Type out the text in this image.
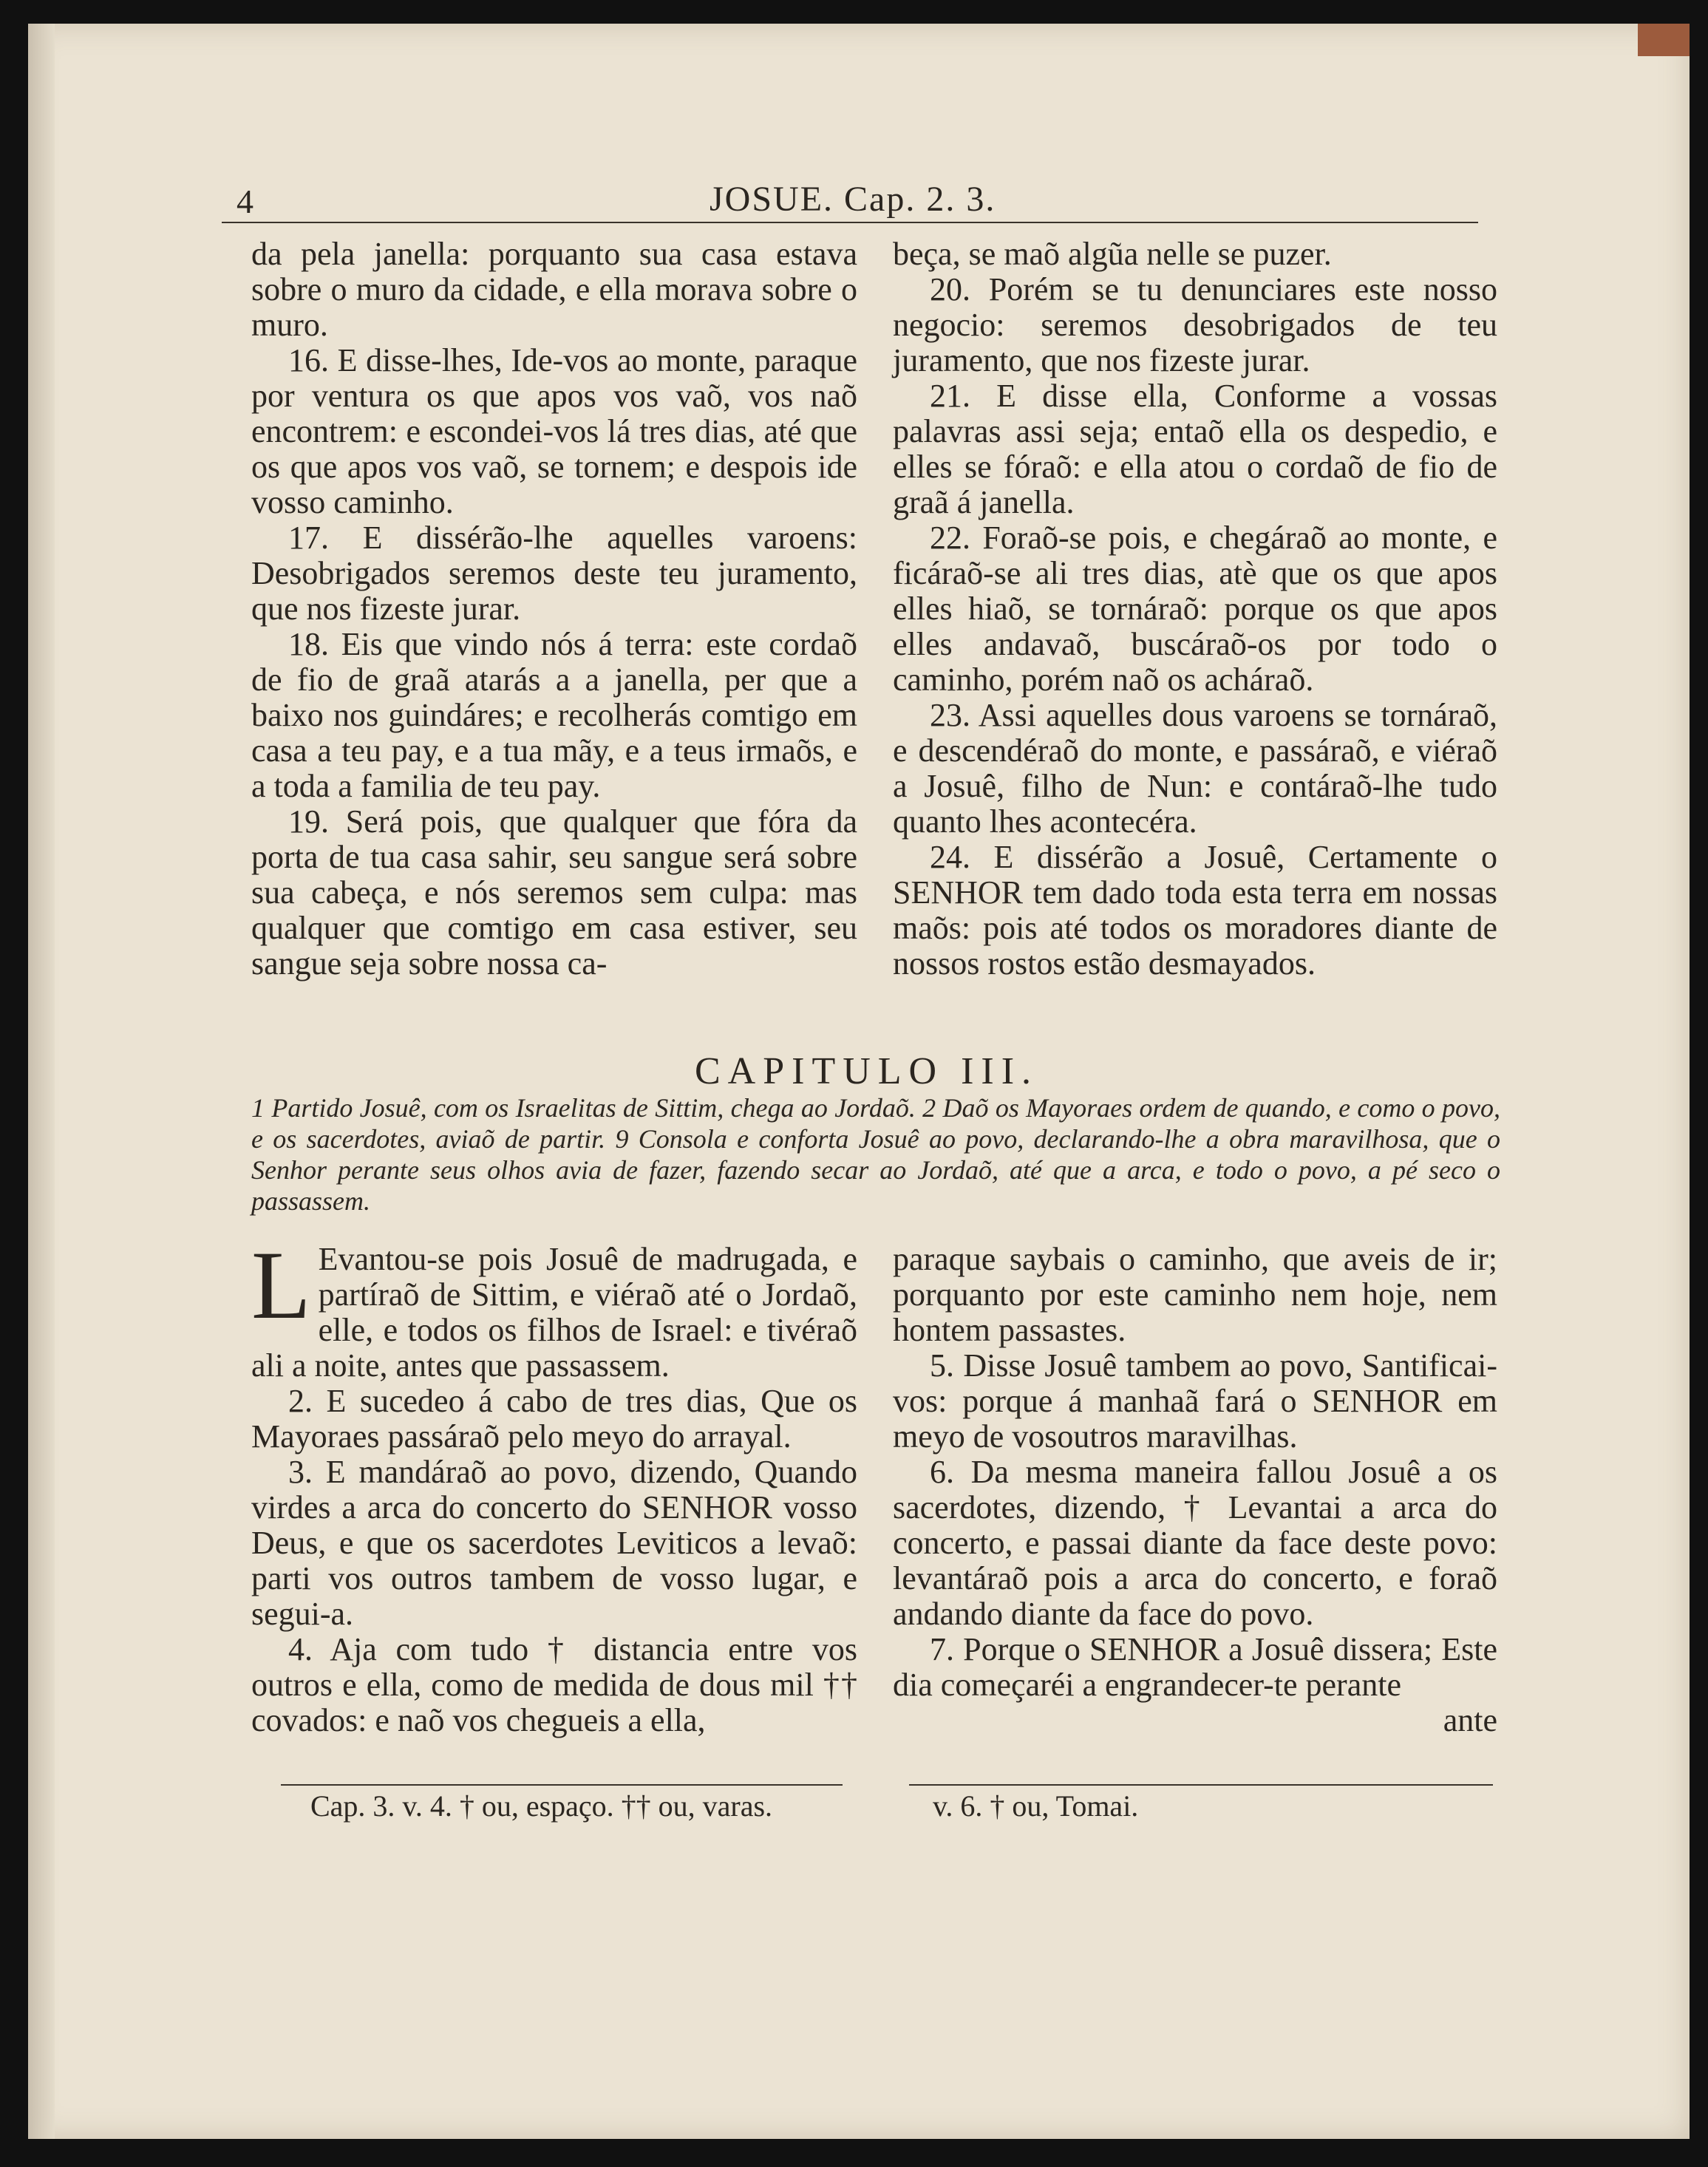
4	JOSUE. Cap. 2. 3.

da pela janella: porquanto sua casa estava sobre o muro da cidade, e ella morava sobre o muro.

16. E disse-lhes, Ide-vos ao monte, paraque por ventura os que apos vos vaõ, vos naõ encontrem: e escondei-vos lá tres dias, até que os que apos vos vaõ, se tornem; e despois ide vosso caminho.

17. E dissérão-lhe aquelles varoens: Desobrigados seremos deste teu juramento, que nos fizeste jurar.

18. Eis que vindo nós á terra: este cordaõ de fio de graã atarás a a janella, per que a baixo nos guindáres; e recolherás comtigo em casa a teu pay, e a tua mãy, e a teus irmaõs, e a toda a familia de teu pay.

19. Será pois, que qualquer que fóra da porta de tua casa sahir, seu sangue será sobre sua cabeça, e nós seremos sem culpa: mas qualquer que comtigo em casa estiver, seu sangue seja sobre nossa ca-

beça, se maõ algũa nelle se puzer.

20. Porém se tu denunciares este nosso negocio: seremos desobrigados de teu juramento, que nos fizeste jurar.

21. E disse ella, Conforme a vossas palavras assi seja; entaõ ella os despedio, e elles se fóraõ: e ella atou o cordaõ de fio de graã á janella.

22. Foraõ-se pois, e chegáraõ ao monte, e ficáraõ-se ali tres dias, atè que os que apos elles hiaõ, se tornáraõ: porque os que apos elles andavaõ, buscáraõ-os por todo o caminho, porém naõ os acháraõ.

23. Assi aquelles dous varoens se tornáraõ, e descendéraõ do monte, e passáraõ, e viéraõ a Josuê, filho de Nun: e contáraõ-lhe tudo quanto lhes acontecéra.

24. E dissérão a Josuê, Certamente o SENHOR tem dado toda esta terra em nossas maõs: pois até todos os moradores diante de nossos rostos estão desmayados.

CAPITULO III.
1 Partido Josuê, com os Israelitas de Sittim, chega ao Jordaõ. 2 Daõ os Mayoraes ordem de quando, e como o povo, e os sacerdotes, aviaõ de partir. 9 Consola e conforta Josuê ao povo, declarando-lhe a obra maravilhosa, que o Senhor perante seus olhos avia de fazer, fazendo secar ao Jordaõ, até que a arca, e todo o povo, a pé seco o passassem.

L Evantou-se pois Josuê de madrugada, e partíraõ de Sittim, e viéraõ até o Jordaõ, elle, e todos os filhos de Israel: e tivéraõ ali a noite, antes que passassem.

2. E sucedeo á cabo de tres dias, Que os Mayoraes passáraõ pelo meyo do arrayal.

3. E mandáraõ ao povo, dizendo, Quando virdes a arca do concerto do SENHOR vosso Deus, e que os sacerdotes Leviticos a levaõ: parti vos outros tambem de vosso lugar, e segui-a.

4. Aja com tudo † distancia entre vos outros e ella, como de medida de dous mil †† covados: e naõ vos chegueis a ella,

paraque saybais o caminho, que aveis de ir; porquanto por este caminho nem hoje, nem hontem passastes.

5. Disse Josuê tambem ao povo, Santificai-vos: porque á manhaã fará o SENHOR em meyo de vosoutros maravilhas.

6. Da mesma maneira fallou Josuê a os sacerdotes, dizendo, † Levantai a arca do concerto, e passai diante da face deste povo: levantáraõ pois a arca do concerto, e foraõ andando diante da face do povo.

7. Porque o SENHOR a Josuê dissera; Este dia começaréi a engrandecer-te perante

ante

Cap. 3. v. 4. † ou, espaço. †† ou, varas.	v. 6. † ou, Tomai.
